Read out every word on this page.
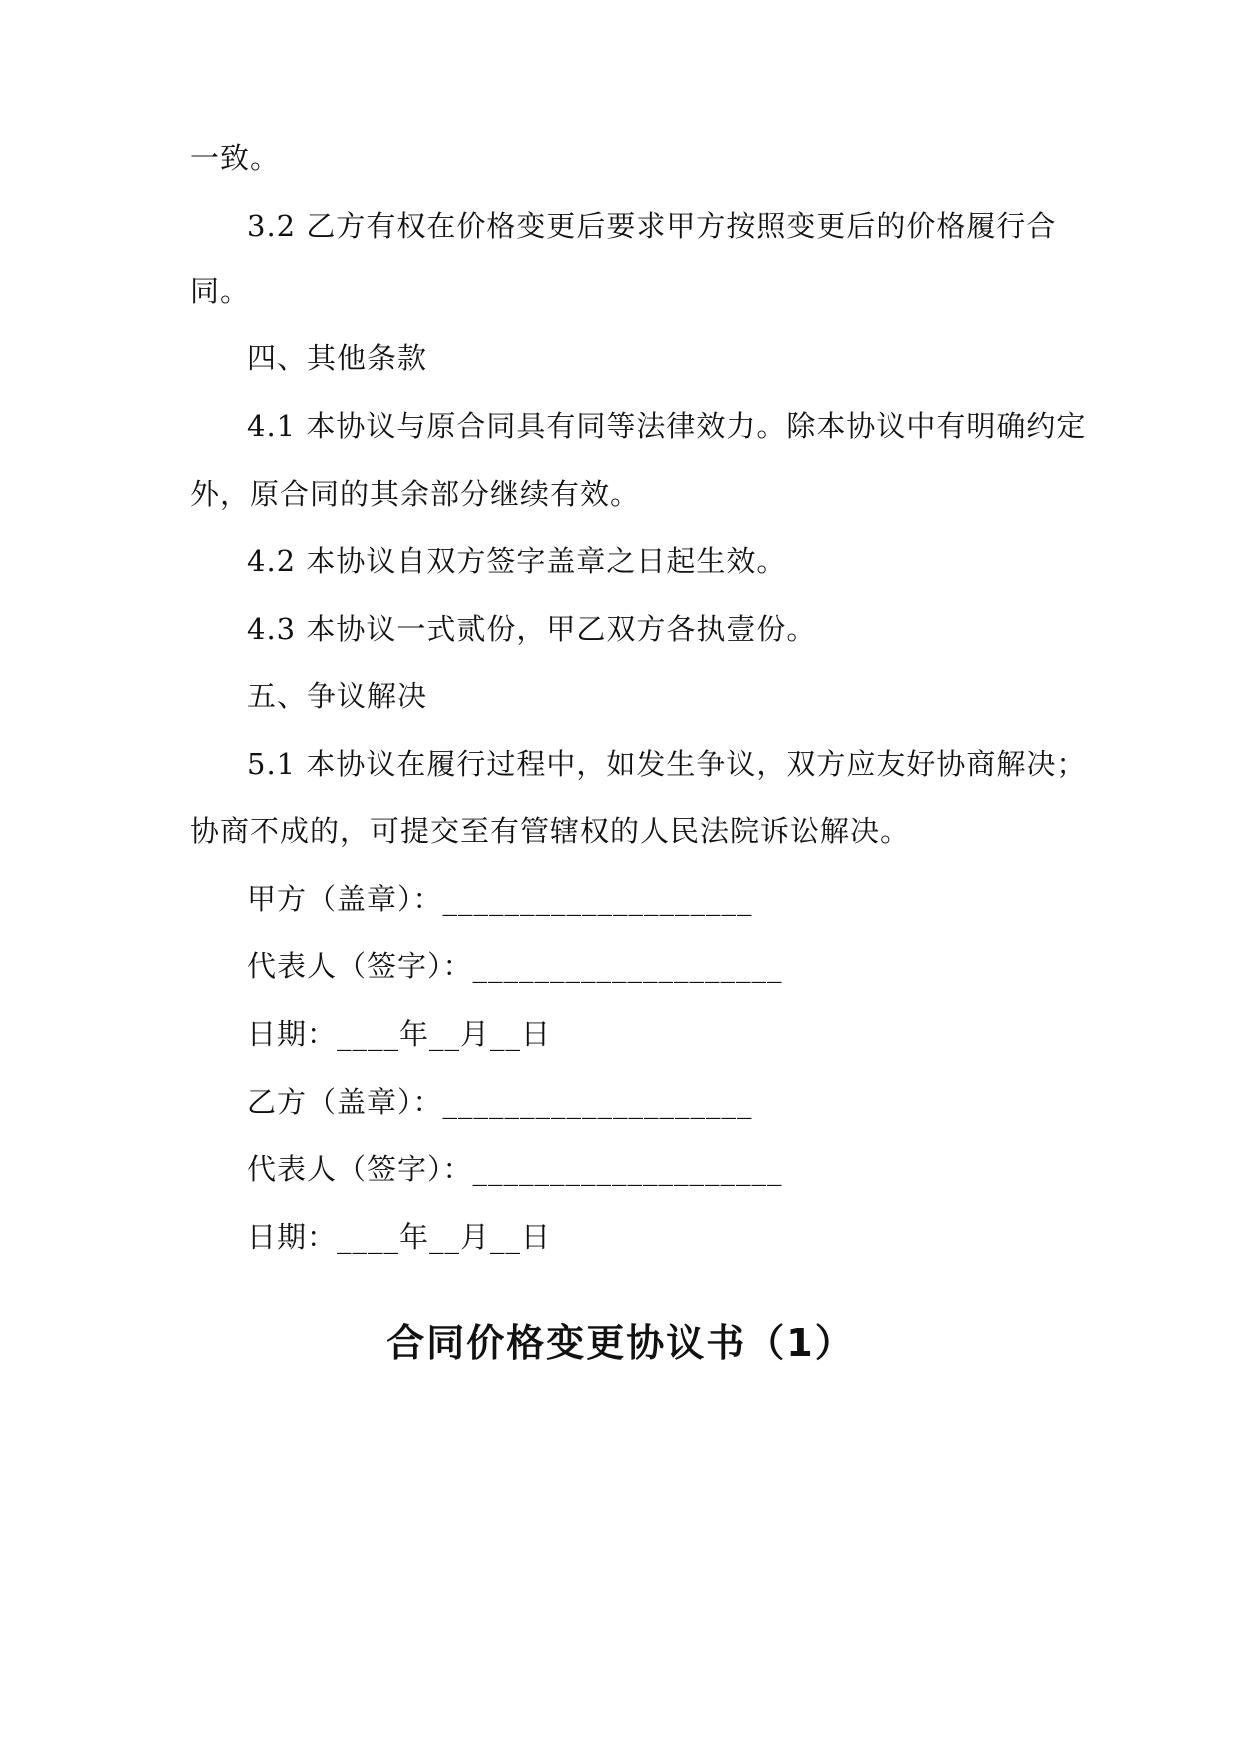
一致。
3.2 乙方有权在价格变更后要求甲方按照变更后的价格履行合
同。
四、其他条款
4.1 本协议与原合同具有同等法律效力。除本协议中有明确约定
外，原合同的其余部分继续有效。
4.2 本协议自双方签字盖章之日起生效。
4.3 本协议一式贰份，甲乙双方各执壹份。
五、争议解决
5.1 本协议在履行过程中，如发生争议，双方应友好协商解决；
协商不成的，可提交至有管辖权的人民法院诉讼解决。
甲方（盖章）：____________________
代表人（签字）：____________________
日期：____年__月__日
乙方（盖章）：____________________
代表人（签字）：____________________
日期：____年__月__日
合同价格变更协议书（1）
